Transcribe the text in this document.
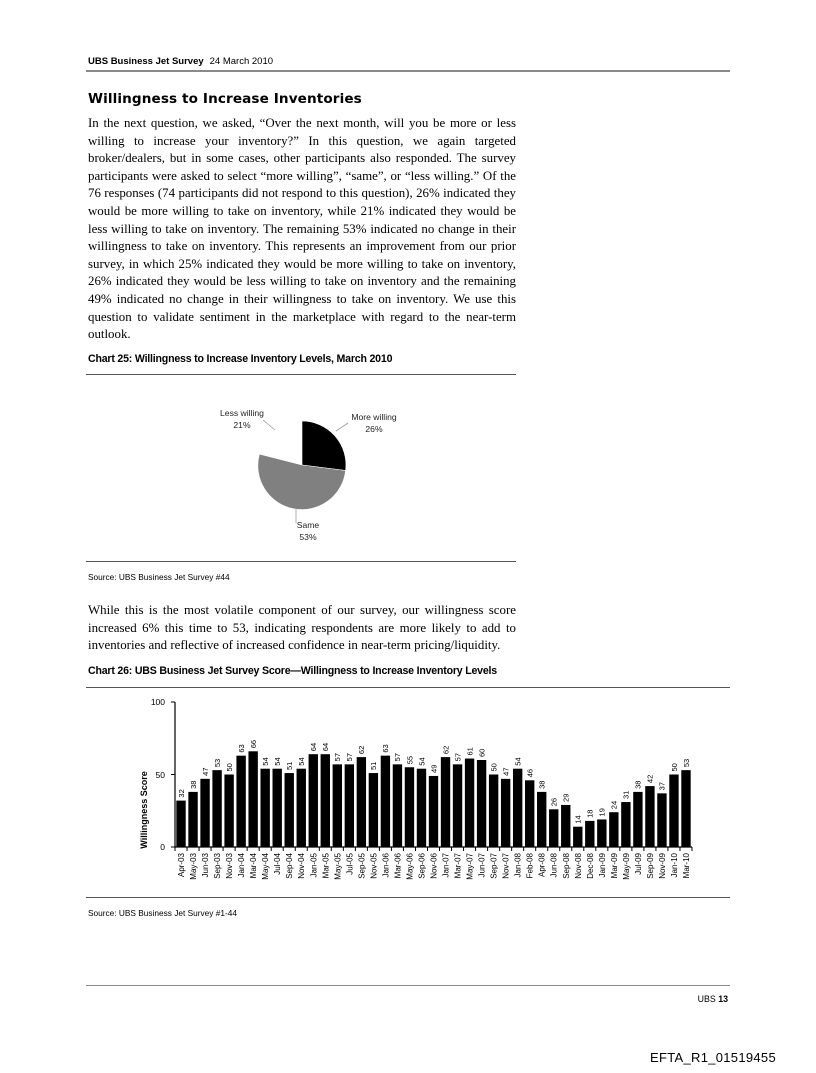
UBS Business Jet Survey 24 March 2010
Willingness to Increase Inventories
In the next question, we asked, “Over the next month, will you be more or less willing to increase your inventory?” In this question, we again targeted broker/dealers, but in some cases, other participants also responded. The survey participants were asked to select “more willing”, “same”, or “less willing.” Of the 76 responses (74 participants did not respond to this question), 26% indicated they would be more willing to take on inventory, while 21% indicated they would be less willing to take on inventory. The remaining 53% indicated no change in their willingness to take on inventory. This represents an improvement from our prior survey, in which 25% indicated they would be more willing to take on inventory, 26% indicated they would be less willing to take on inventory and the remaining 49% indicated no change in their willingness to take on inventory. We use this question to validate sentiment in the marketplace with regard to the near-term outlook.
Chart 25: Willingness to Increase Inventory Levels, March 2010
Less willing
21%
More willing
26%
Same
53%
Source: UBS Business Jet Survey #44
While this is the most volatile component of our survey, our willingness score increased 6% this time to 53, indicating respondents are more likely to add to inventories and reflective of increased confidence in near-term pricing/liquidity.
Chart 26: UBS Business Jet Survey Score—Willingness to Increase Inventory Levels
Willingness Score 0
50
100
32
Apr-03
38
May-03
47
Jun-03
53
Sep-03
50
Nov-03
63
Jan-04
66
Mar-04
54
May-04
54
Jul-04
51
Sep-04
54
Nov-04
64
Jan-05
64
Mar-05
57
May-05
57
Jul-05
62
Sep-05
51
Nov-05
63
Jan-06
57
Mar-06
55
May-06
54
Sep-06
49
Nov-06
62
Jan-07
57
Mar-07
61
May-07
60
Jun-07
50
Sep-07
47
Nov-07
54
Jan-08
46
Feb-08
38
Apr-08
26
Jun-08
29
Sep-08
14
Nov-08
18
Dec-08
19
Jan-09
24
Mar-09
31
May-09
38
Jul-09
42
Sep-09
37
Nov-09
50
Jan-10
53
Mar-10
Source: UBS Business Jet Survey #1-44
UBS 13
EFTA_R1_01519455
